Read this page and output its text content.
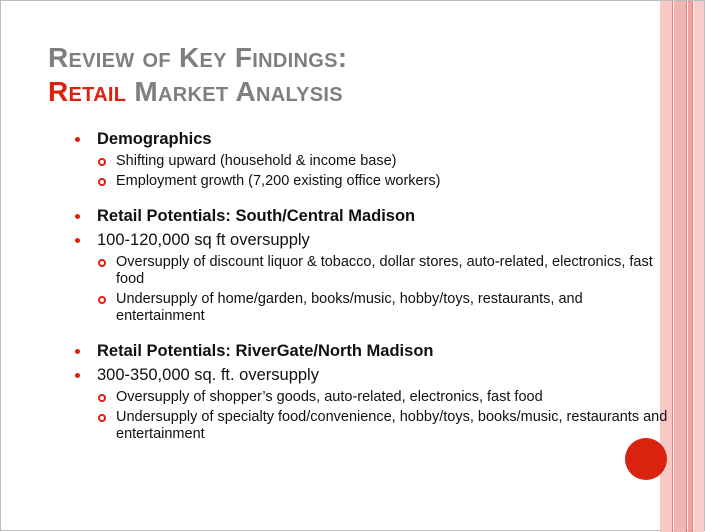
Review of Key Findings:
Retail Market Analysis
Demographics
Shifting upward (household & income base)
Employment growth (7,200 existing office workers)
Retail Potentials: South/Central Madison
100-120,000 sq ft oversupply
Oversupply of discount liquor & tobacco, dollar stores, auto-related, electronics, fast food
Undersupply of home/garden, books/music, hobby/toys, restaurants, and entertainment
Retail Potentials: RiverGate/North Madison
300-350,000 sq. ft. oversupply
Oversupply of shopper’s goods, auto-related, electronics, fast food
Undersupply of specialty food/convenience, hobby/toys, books/music, restaurants and entertainment
